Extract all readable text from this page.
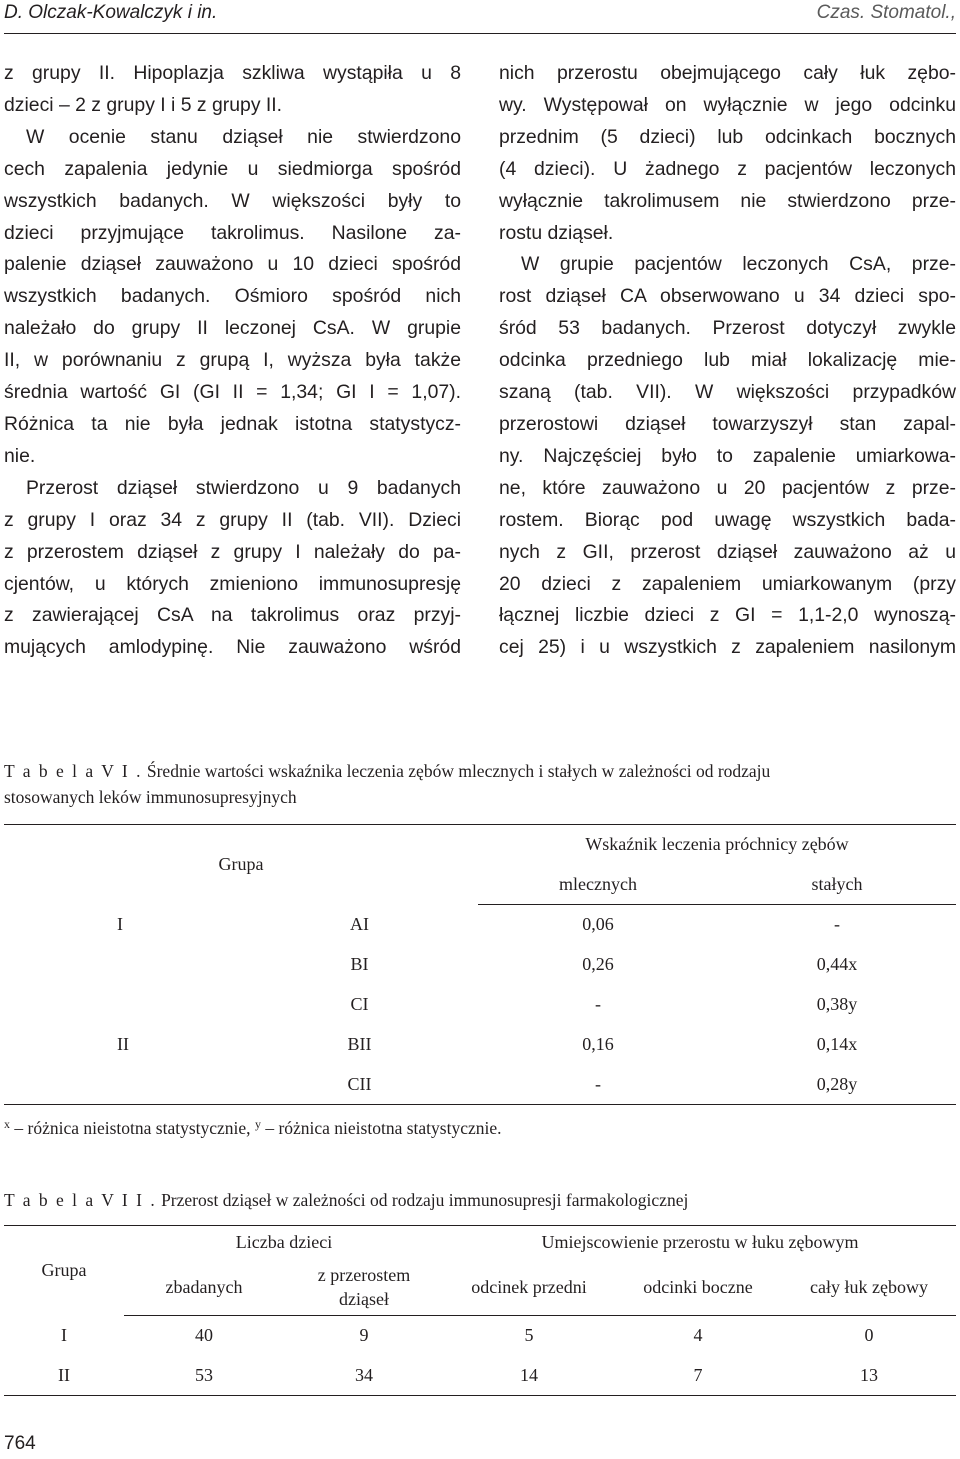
D. Olczak-Kowalczyk i in.	Czas. Stomatol.,
z grupy II. Hipoplazja szkliwa wystąpiła u 8
dzieci – 2 z grupy I i 5 z grupy II.
W ocenie stanu dziąseł nie stwierdzono
cech zapalenia jedynie u siedmiorga spośród
wszystkich badanych. W większości były to
dzieci przyjmujące takrolimus. Nasilone za-
palenie dziąseł zauważono u 10 dzieci spośród
wszystkich badanych. Ośmioro spośród nich
należało do grupy II leczonej CsA. W grupie
II, w porównaniu z grupą I, wyższa była także
średnia wartość GI (GI II = 1,34; GI I = 1,07).
Różnica ta nie była jednak istotna statystycz-
nie.
Przerost dziąseł stwierdzono u 9 badanych
z grupy I oraz 34 z grupy II (tab. VII). Dzieci
z przerostem dziąseł z grupy I należały do pa-
cjentów, u których zmieniono immunosupresję
z zawierającej CsA na takrolimus oraz przyj-
mujących amlodypinę. Nie zauważono wśród
nich przerostu obejmującego cały łuk zębo-
wy. Występował on wyłącznie w jego odcinku
przednim (5 dzieci) lub odcinkach bocznych
(4 dzieci). U żadnego z pacjentów leczonych
wyłącznie takrolimusem nie stwierdzono prze-
rostu dziąseł.
W grupie pacjentów leczonych CsA, prze-
rost dziąseł CA obserwowano u 34 dzieci spo-
śród 53 badanych. Przerost dotyczył zwykle
odcinka przedniego lub miał lokalizację mie-
szaną (tab. VII). W większości przypadków
przerostowi dziąseł towarzyszył stan zapal-
ny. Najczęściej było to zapalenie umiarkowa-
ne, które zauważono u 20 pacjentów z prze-
rostem. Biorąc pod uwagę wszystkich bada-
nych z GII, przerost dziąseł zauważono aż u
20 dzieci z zapaleniem umiarkowanym (przy
łącznej liczbie dzieci z GI = 1,1-2,0 wynoszą-
cej 25) i u wszystkich z zapaleniem nasilonym
T a b e l a V I . Średnie wartości wskaźnika leczenia zębów mlecznych i stałych w zależności od rodzaju
stosowanych leków immunosupresyjnych
Grupa		Wskaźnik leczenia próchnicy zębów	
		mlecznych	stałych
I	AI	0,06	-
	BI	0,26	0,44x
	CI	-	0,38y
II	BII	0,16	0,14x
	CII	-	0,28y
$^x$ – różnica nieistotna statystycznie, $^y$ – różnica nieistotna statystycznie.
T a b e l a V I I . Przerost dziąseł w zależności od rodzaju immunosupresji farmakologicznej
Grupa	Liczba dzieci		Umiejscowienie przerostu w łuku zębowym		
	zbadanych	z przerostem dziąseł	odcinek przedni	odcinki boczne	cały łuk zębowy
I	40	9	5	4	0
II	53	34	14	7	13
764
